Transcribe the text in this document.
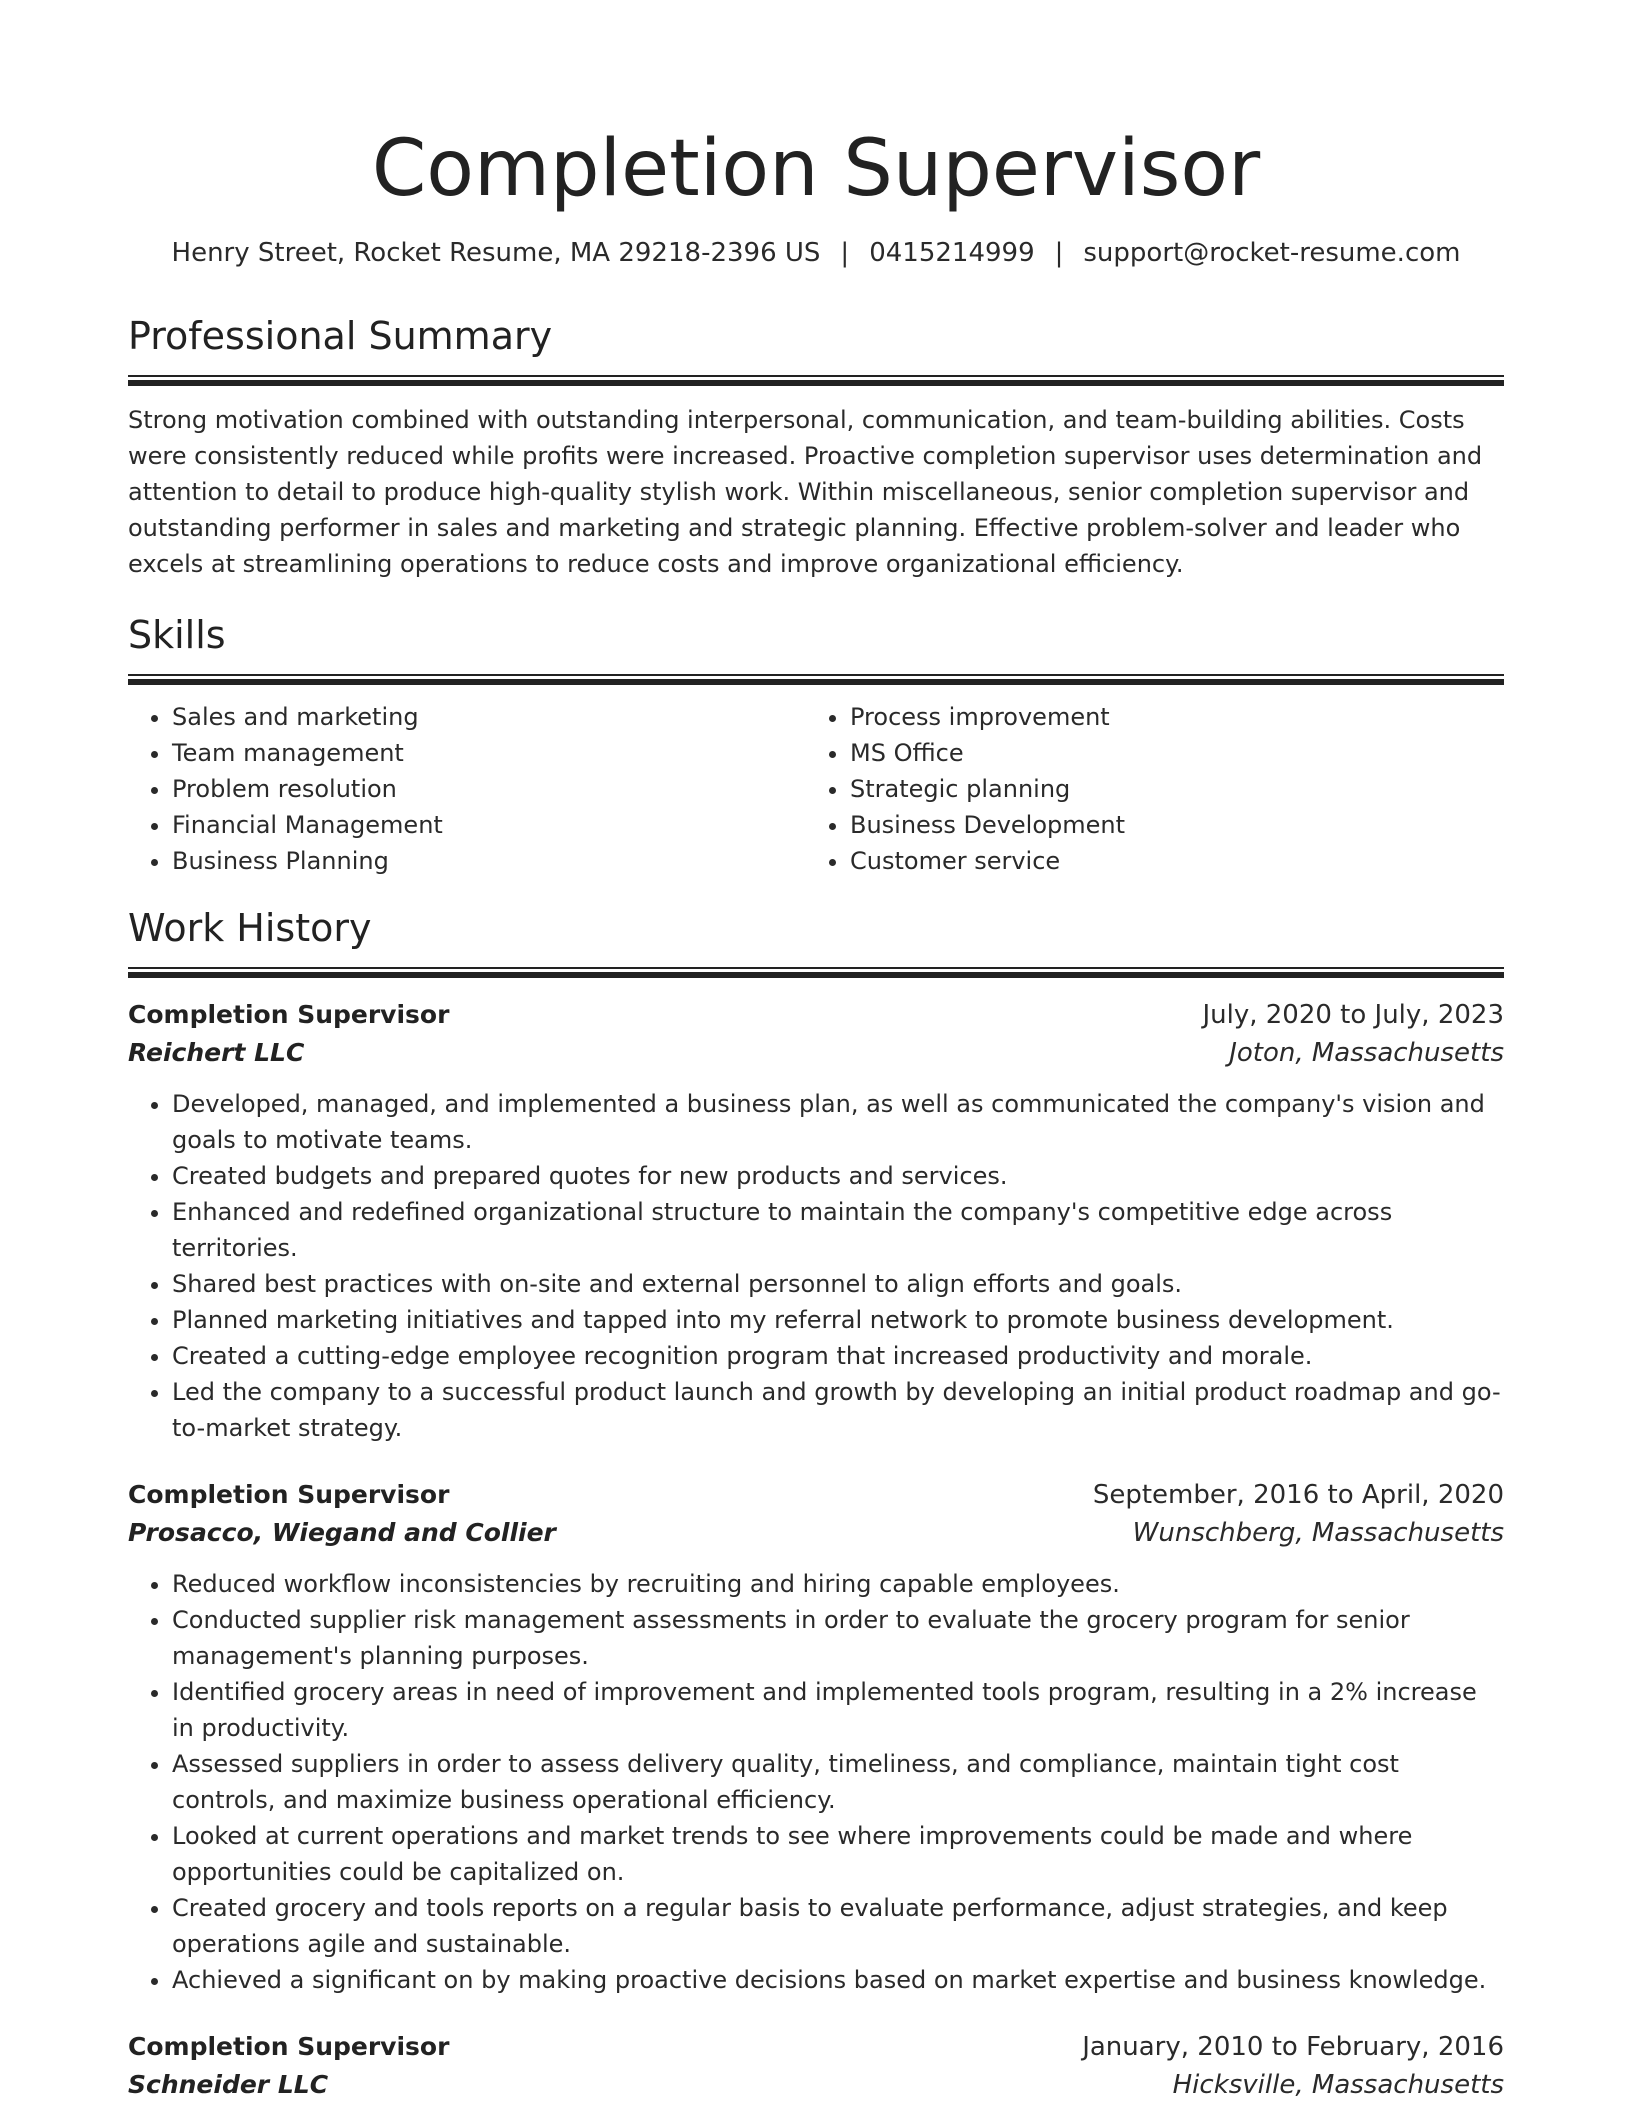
Completion Supervisor
Henry Street, Rocket Resume, MA 29218-2396 US | 0415214999 | support@rocket-resume.com
Professional Summary

Strong motivation combined with outstanding interpersonal, communication, and team-building abilities. Costs were consistently reduced while profits were increased. Proactive completion supervisor uses determination and attention to detail to produce high-quality stylish work. Within miscellaneous, senior completion supervisor and outstanding performer in sales and marketing and strategic planning. Effective problem-solver and leader who excels at streamlining operations to reduce costs and improve organizational efficiency.

Skills
• Sales and marketing
• Team management
• Problem resolution
• Financial Management
• Business Planning
• Process improvement
• MS Office
• Strategic planning
• Business Development
• Customer service
Work History
Completion Supervisor	July, 2020 to July, 2023
Reichert LLC	Joton, Massachusetts
• Developed, managed, and implemented a business plan, as well as communicated the company's vision and goals to motivate teams.
• Created budgets and prepared quotes for new products and services.
• Enhanced and redefined organizational structure to maintain the company's competitive edge across territories.
• Shared best practices with on-site and external personnel to align efforts and goals.
• Planned marketing initiatives and tapped into my referral network to promote business development.
• Created a cutting-edge employee recognition program that increased productivity and morale.
• Led the company to a successful product launch and growth by developing an initial product roadmap and go-to-market strategy.
Completion Supervisor	September, 2016 to April, 2020
Prosacco, Wiegand and Collier	Wunschberg, Massachusetts
• Reduced workflow inconsistencies by recruiting and hiring capable employees.
• Conducted supplier risk management assessments in order to evaluate the grocery program for senior management's planning purposes.
• Identified grocery areas in need of improvement and implemented tools program, resulting in a 2% increase in productivity.
• Assessed suppliers in order to assess delivery quality, timeliness, and compliance, maintain tight cost controls, and maximize business operational efficiency.
• Looked at current operations and market trends to see where improvements could be made and where opportunities could be capitalized on.
• Created grocery and tools reports on a regular basis to evaluate performance, adjust strategies, and keep operations agile and sustainable.
• Achieved a significant on by making proactive decisions based on market expertise and business knowledge.
Completion Supervisor	January, 2010 to February, 2016
Schneider LLC	Hicksville, Massachusetts
